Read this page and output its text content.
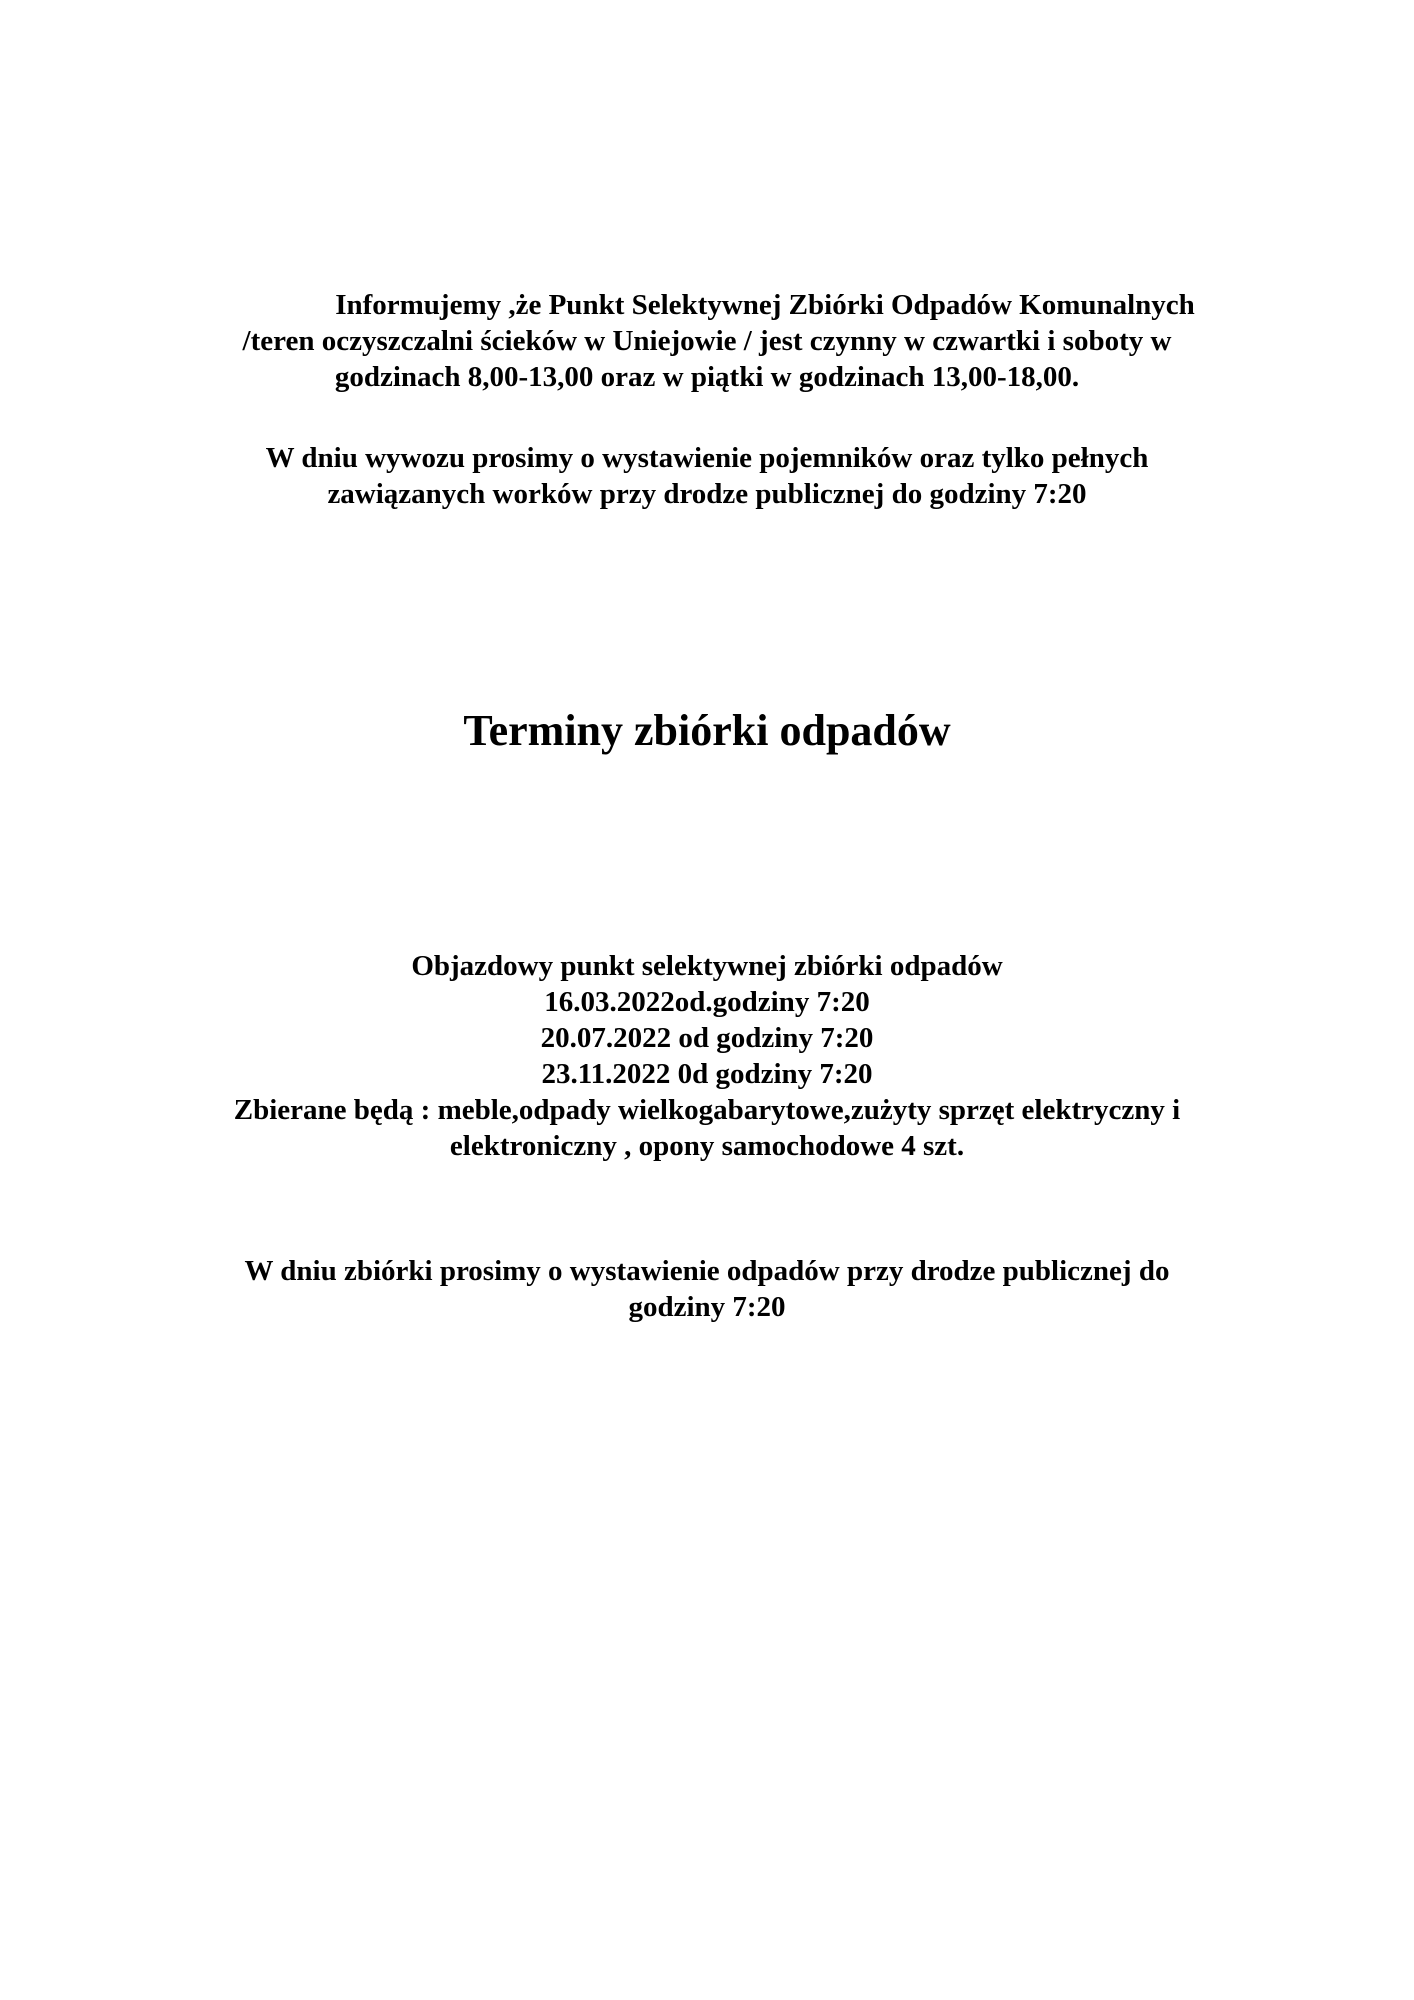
Informujemy ,że Punkt Selektywnej Zbiórki Odpadów Komunalnych
/teren oczyszczalni ścieków w Uniejowie / jest czynny w czwartki i soboty w
godzinach 8,00-13,00 oraz w piątki w godzinach 13,00-18,00.
W dniu wywozu prosimy o wystawienie pojemników oraz tylko pełnych
zawiązanych worków przy drodze publicznej do godziny 7:20
Terminy zbiórki odpadów
Objazdowy punkt selektywnej zbiórki odpadów
16.03.2022od.godziny 7:20
20.07.2022 od godziny 7:20
23.11.2022 0d godziny 7:20
Zbierane będą : meble,odpady wielkogabarytowe,zużyty sprzęt elektryczny i
elektroniczny , opony samochodowe 4 szt.
W dniu zbiórki prosimy o wystawienie odpadów przy drodze publicznej do
godziny 7:20
